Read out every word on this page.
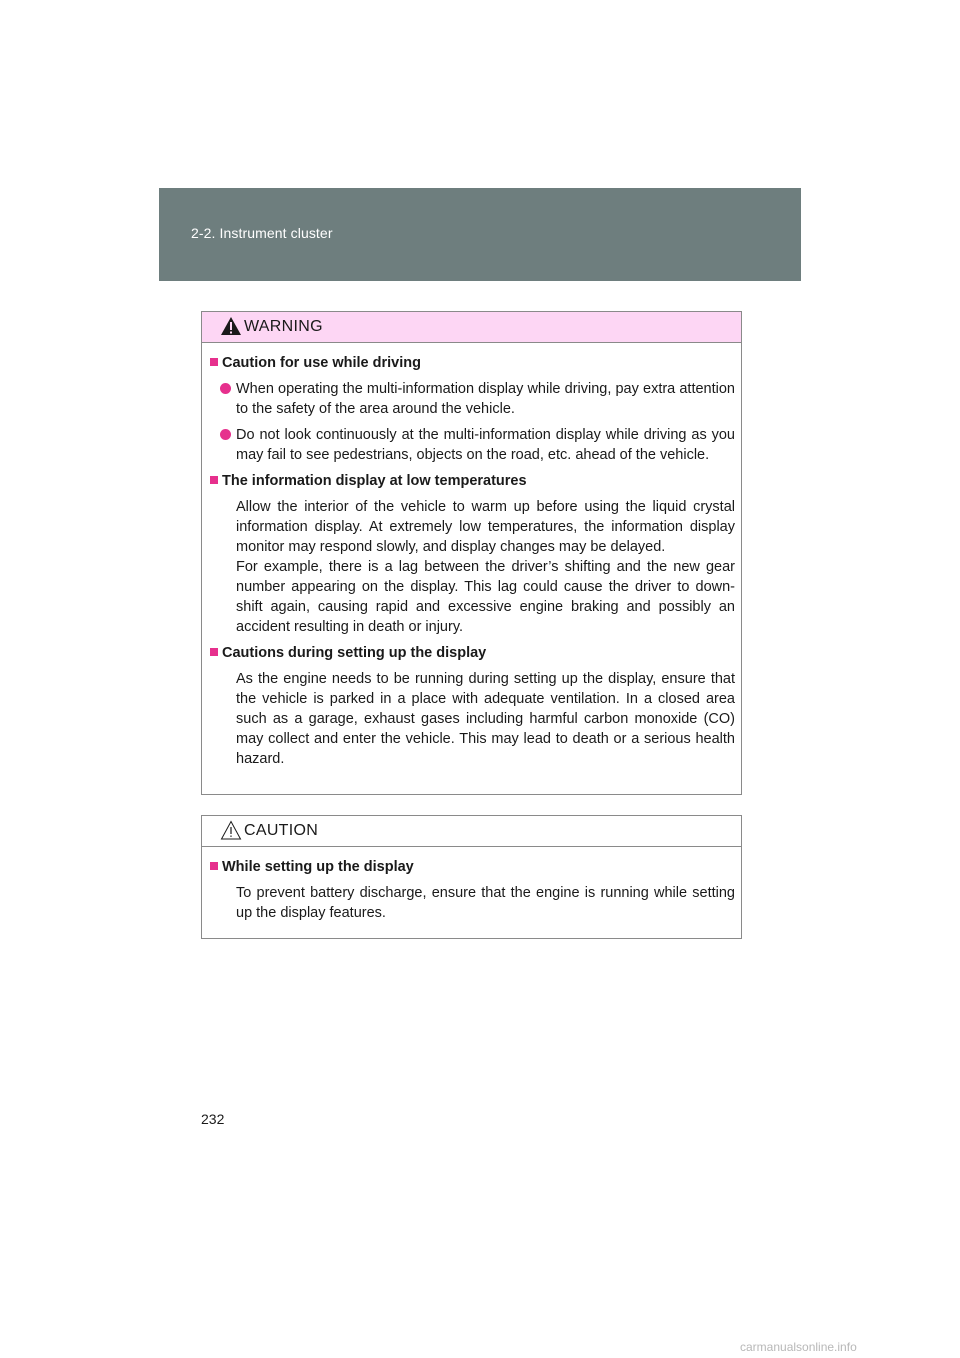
2-2. Instrument cluster
WARNING
Caution for use while driving
When operating the multi-information display while driving, pay extra attention to the safety of the area around the vehicle.
Do not look continuously at the multi-information display while driving as you may fail to see pedestrians, objects on the road, etc. ahead of the vehicle.
The information display at low temperatures
Allow the interior of the vehicle to warm up before using the liquid crystal information display. At extremely low temperatures, the information display monitor may respond slowly, and display changes may be delayed.
For example, there is a lag between the driver’s shifting and the new gear number appearing on the display. This lag could cause the driver to down-shift again, causing rapid and excessive engine braking and possibly an accident resulting in death or injury.
Cautions during setting up the display
As the engine needs to be running during setting up the display, ensure that the vehicle is parked in a place with adequate ventilation. In a closed area such as a garage, exhaust gases including harmful carbon monoxide (CO) may collect and enter the vehicle. This may lead to death or a serious health hazard.
CAUTION
While setting up the display
To prevent battery discharge, ensure that the engine is running while setting up the display features.
232
carmanualsonline.info
